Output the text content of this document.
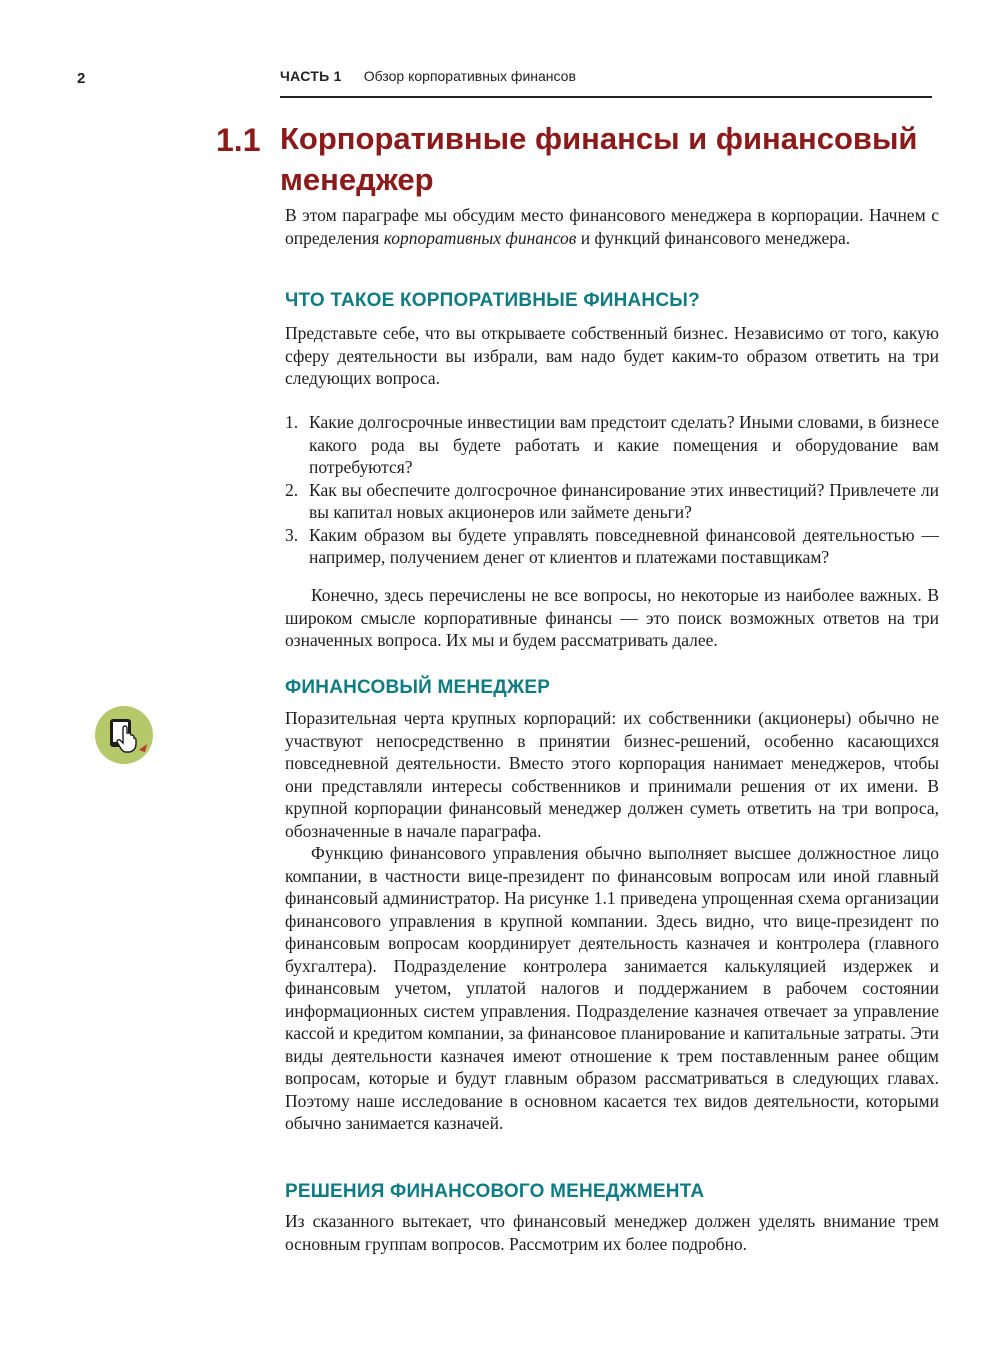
2	ЧАСТЬ 1 Обзор корпоративных финансов
1.1 Корпоративные финансы и финансовый менеджер

В этом параграфе мы обсудим место финансового менеджера в корпорации. Начнем с определения корпоративных финансов и функций финансового менеджера.

ЧТО ТАКОЕ КОРПОРАТИВНЫЕ ФИНАНСЫ?

Представьте себе, что вы открываете собственный бизнес. Независимо от того, какую сферу деятельности вы избрали, вам надо будет каким-то образом ответить на три следующих вопроса.

1. Какие долгосрочные инвестиции вам предстоит сделать? Иными словами, в бизнесе какого рода вы будете работать и какие помещения и оборудование вам потребуются?
2. Как вы обеспечите долгосрочное финансирование этих инвестиций? Привлечете ли вы капитал новых акционеров или займете деньги?
3. Каким образом вы будете управлять повседневной финансовой деятельностью — например, получением денег от клиентов и платежами поставщикам?

Конечно, здесь перечислены не все вопросы, но некоторые из наиболее важных. В широком смысле корпоративные финансы — это поиск возможных ответов на три означенных вопроса. Их мы и будем рассматривать далее.

ФИНАНСОВЫЙ МЕНЕДЖЕР

Поразительная черта крупных корпораций: их собственники (акционеры) обычно не участвуют непосредственно в принятии бизнес-решений, особенно касающихся повседневной деятельности. Вместо этого корпорация нанимает менеджеров, чтобы они представляли интересы собственников и принимали решения от их имени. В крупной корпорации финансовый менеджер должен суметь ответить на три вопроса, обозначенные в начале параграфа.

Функцию финансового управления обычно выполняет высшее должностное лицо компании, в частности вице-президент по финансовым вопросам или иной главный финансовый администратор. На рисунке 1.1 приведена упрощенная схема организации финансового управления в крупной компании. Здесь видно, что вице-президент по финансовым вопросам координирует деятельность казначея и контролера (главного бухгалтера). Подразделение контролера занимается калькуляцией издержек и финансовым учетом, уплатой налогов и поддержанием в рабочем состоянии информационных систем управления. Подразделение казначея отвечает за управление кассой и кредитом компании, за финансовое планирование и капитальные затраты. Эти виды деятельности казначея имеют отношение к трем поставленным ранее общим вопросам, которые и будут главным образом рассматриваться в следующих главах. Поэтому наше исследование в основном касается тех видов деятельности, которыми обычно занимается казначей.

РЕШЕНИЯ ФИНАНСОВОГО МЕНЕДЖМЕНТА

Из сказанного вытекает, что финансовый менеджер должен уделять внимание трем основным группам вопросов. Рассмотрим их более подробно.
